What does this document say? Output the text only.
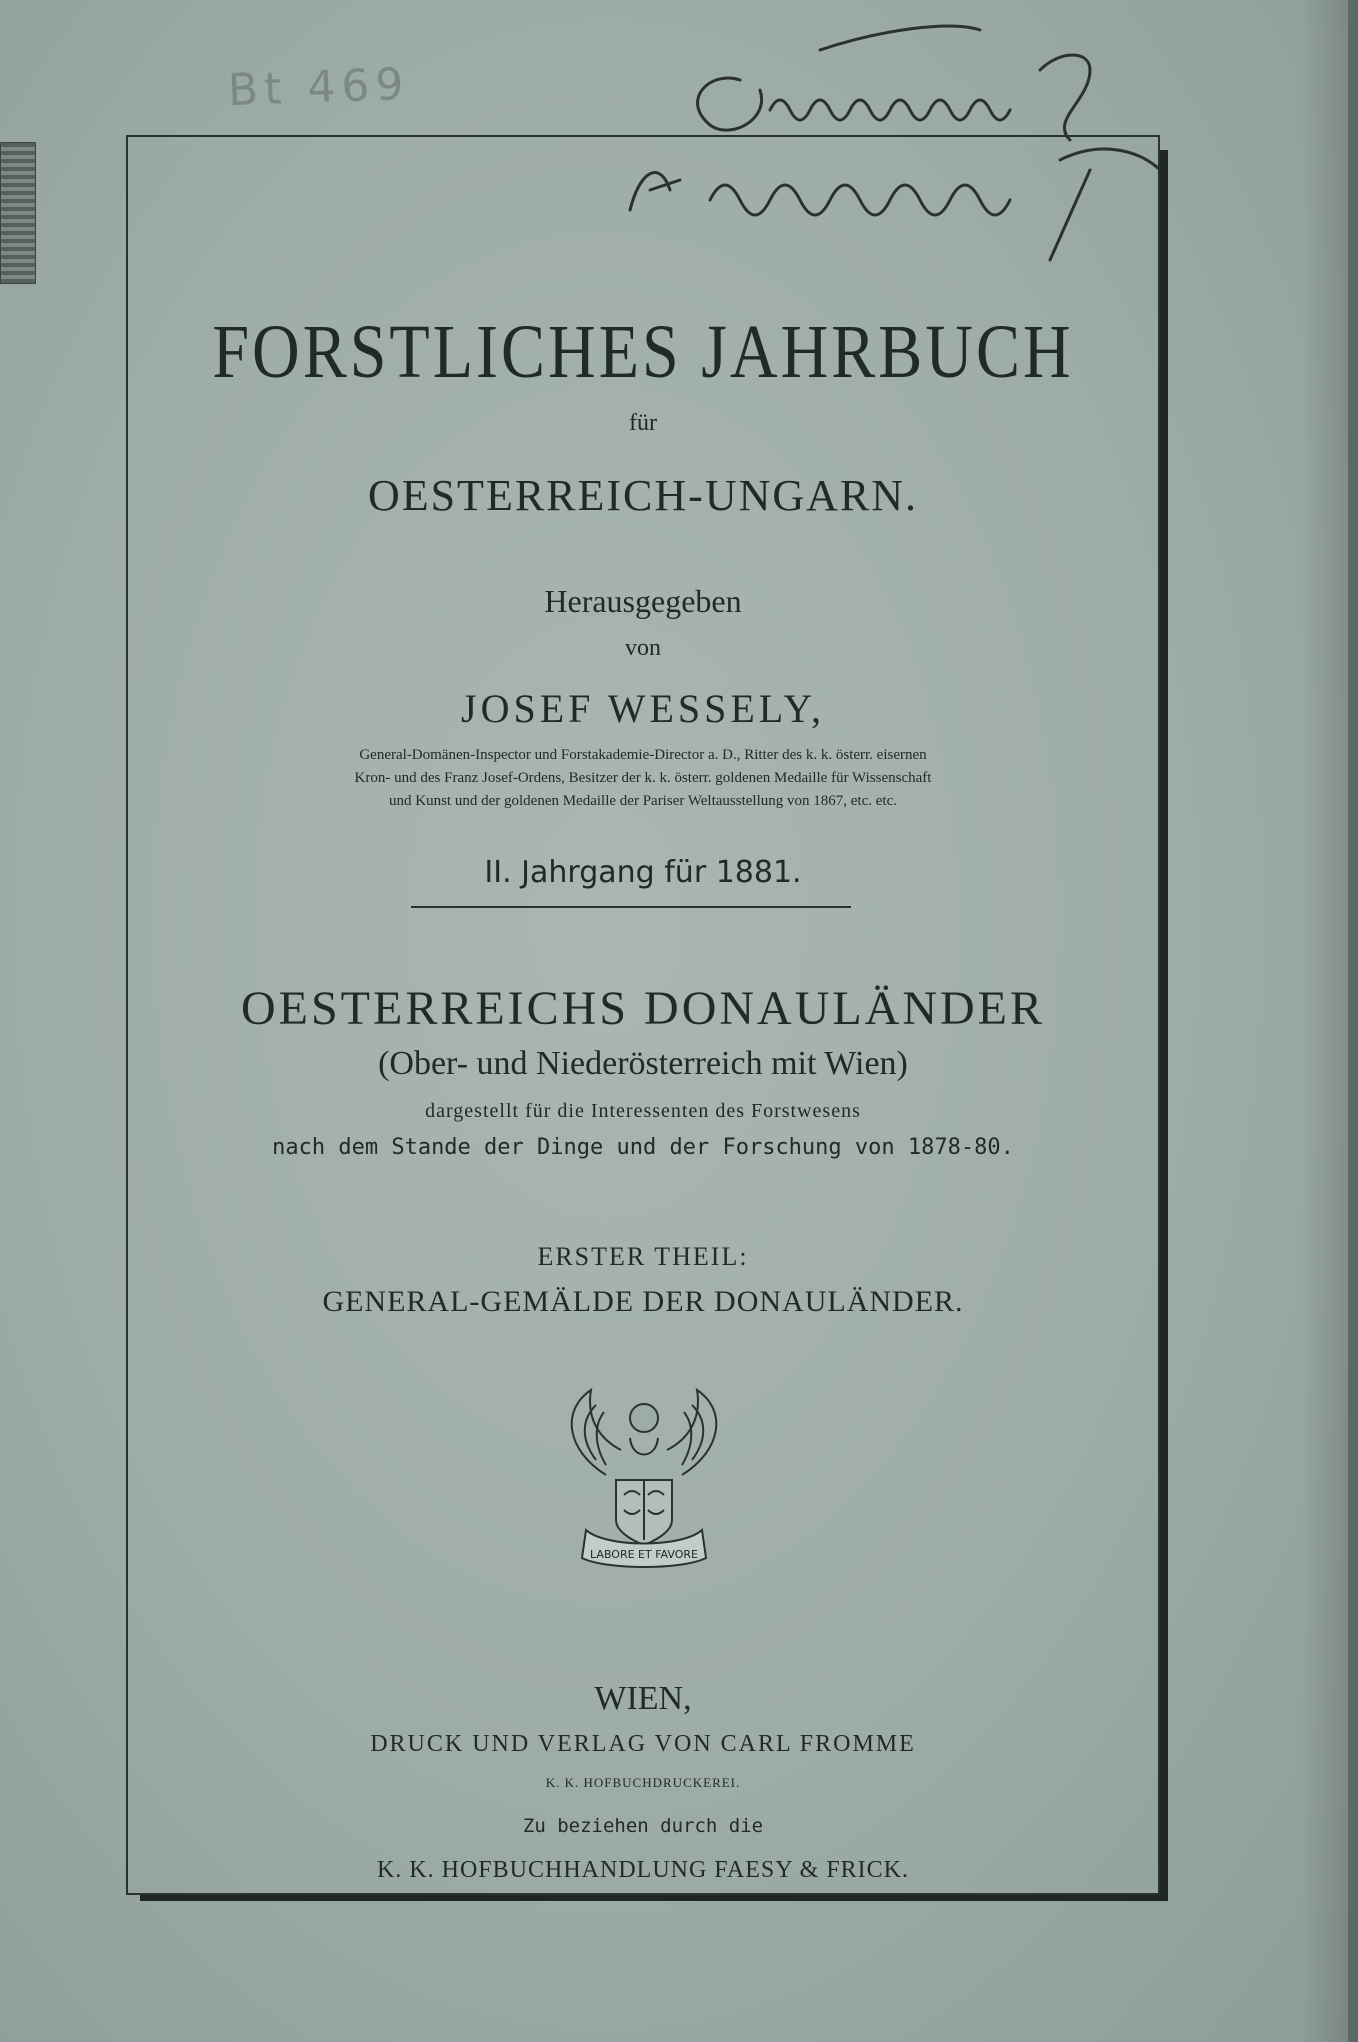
Bt 469
FORSTLICHES JAHRBUCH
für
OESTERREICH-UNGARN.
Herausgegeben
von
JOSEF WESSELY,
General-Domänen-Inspector und Forstakademie-Director a. D., Ritter des k. k. österr. eisernen
Kron- und des Franz Josef-Ordens, Besitzer der k. k. österr. goldenen Medaille für Wissenschaft
und Kunst und der goldenen Medaille der Pariser Weltausstellung von 1867, etc. etc.
II. Jahrgang für 1881.
OESTERREICHS DONAULÄNDER
(Ober- und Niederösterreich mit Wien)
dargestellt für die Interessenten des Forstwesens
nach dem Stande der Dinge und der Forschung von 1878-80.
ERSTER THEIL:
GENERAL-GEMÄLDE DER DONAULÄNDER.
LABORE ET FAVORE
WIEN,
DRUCK UND VERLAG VON CARL FROMME
K. K. HOFBUCHDRUCKEREI.
Zu beziehen durch die
K. K. HOFBUCHHANDLUNG FAESY & FRICK.
